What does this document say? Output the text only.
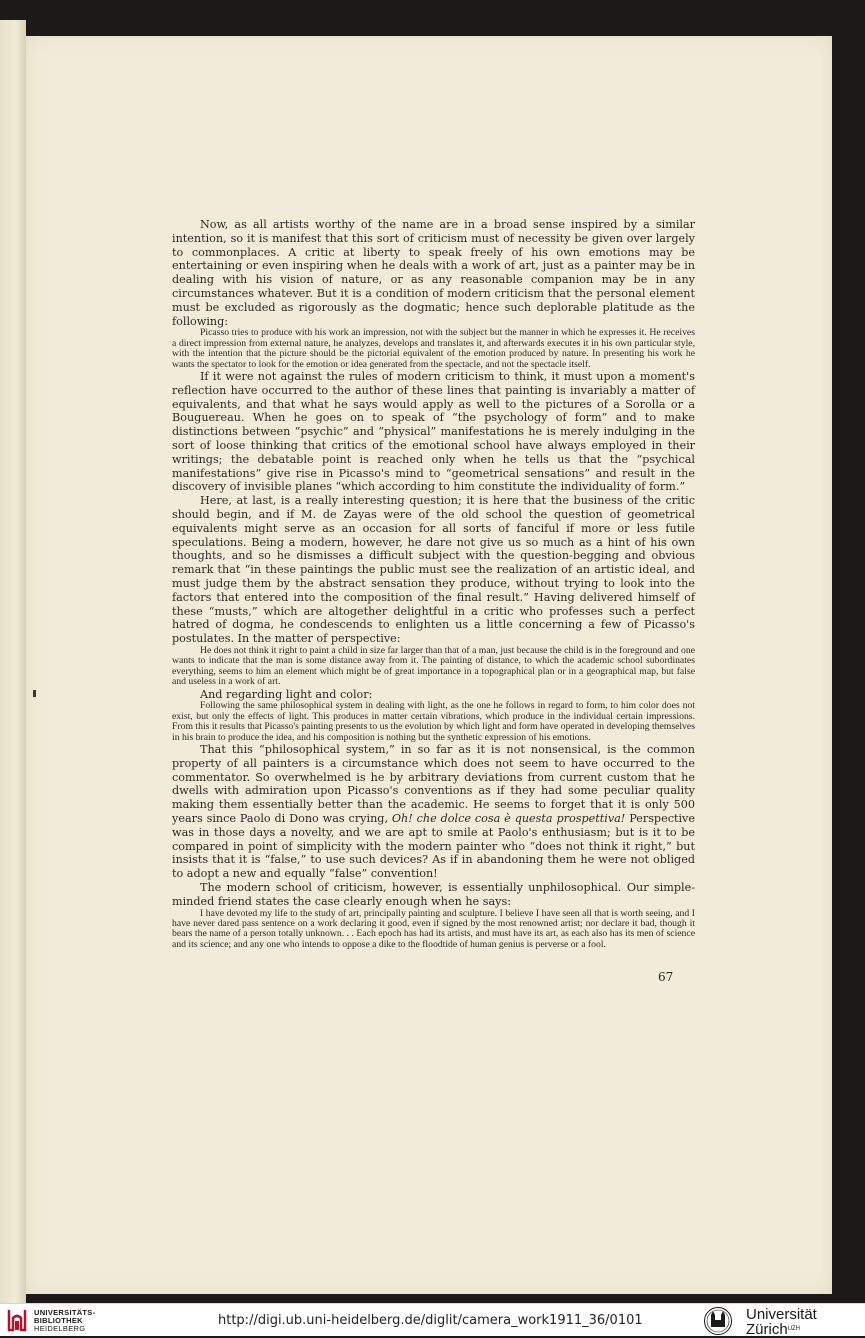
Now, as all artists worthy of the name are in a broad sense inspired by a similar intention, so it is manifest that this sort of criticism must of necessity be given over largely to commonplaces. A critic at liberty to speak freely of his own emotions may be entertaining or even inspiring when he deals with a work of art, just as a painter may be in dealing with his vision of nature, or as any reasonable companion may be in any circumstances whatever. But it is a condition of modern criticism that the personal element must be excluded as rigorously as the dogmatic; hence such deplorable platitude as the following:

Picasso tries to produce with his work an impression, not with the subject but the manner in which he expresses it. He receives a direct impression from external nature, he analyzes, develops and translates it, and afterwards executes it in his own particular style, with the intention that the picture should be the pictorial equivalent of the emotion produced by nature. In presenting his work he wants the spectator to look for the emotion or idea generated from the spectacle, and not the spectacle itself.

If it were not against the rules of modern criticism to think, it must upon a moment's reflection have occurred to the author of these lines that painting is invariably a matter of equivalents, and that what he says would apply as well to the pictures of a Sorolla or a Bouguereau. When he goes on to speak of “the psychology of form” and to make distinctions between “psychic” and “physical” manifestations he is merely indulging in the sort of loose thinking that critics of the emotional school have always employed in their writings; the debatable point is reached only when he tells us that the “psychical manifestations” give rise in Picasso's mind to “geometrical sensations” and result in the discovery of invisible planes “which according to him constitute the individuality of form.”

Here, at last, is a really interesting question; it is here that the business of the critic should begin, and if M. de Zayas were of the old school the question of geometrical equivalents might serve as an occasion for all sorts of fanciful if more or less futile speculations. Being a modern, however, he dare not give us so much as a hint of his own thoughts, and so he dismisses a difficult subject with the question-begging and obvious remark that “in these paintings the public must see the realization of an artistic ideal, and must judge them by the abstract sensation they produce, without trying to look into the factors that entered into the composition of the final result.” Having delivered himself of these “musts,” which are altogether delightful in a critic who professes such a perfect hatred of dogma, he condescends to enlighten us a little concerning a few of Picasso's postulates. In the matter of perspective:

He does not think it right to paint a child in size far larger than that of a man, just because the child is in the foreground and one wants to indicate that the man is some distance away from it. The painting of distance, to which the academic school subordinates everything, seems to him an element which might be of great importance in a topographical plan or in a geographical map, but false and useless in a work of art.

And regarding light and color:

Following the same philosophical system in dealing with light, as the one he follows in regard to form, to him color does not exist, but only the effects of light. This produces in matter certain vibrations, which produce in the individual certain impressions. From this it results that Picasso's painting presents to us the evolution by which light and form have operated in developing themselves in his brain to produce the idea, and his composition is nothing but the synthetic expression of his emotions.

That this “philosophical system,” in so far as it is not nonsensical, is the common property of all painters is a circumstance which does not seem to have occurred to the commentator. So overwhelmed is he by arbitrary deviations from current custom that he dwells with admiration upon Picasso's conventions as if they had some peculiar quality making them essentially better than the academic. He seems to forget that it is only 500 years since Paolo di Dono was crying, Oh! che dolce cosa è questa prospettiva! Perspective was in those days a novelty, and we are apt to smile at Paolo's enthusiasm; but is it to be compared in point of simplicity with the modern painter who “does not think it right,” but insists that it is “false,” to use such devices? As if in abandoning them he were not obliged to adopt a new and equally “false” convention!

The modern school of criticism, however, is essentially unphilosophical. Our simple-minded friend states the case clearly enough when he says:

I have devoted my life to the study of art, principally painting and sculpture. I believe I have seen all that is worth seeing, and I have never dared pass sentence on a work declaring it good, even if signed by the most renowned artist; nor declare it bad, though it bears the name of a person totally unknown. . . Each epoch has had its artists, and must have its art, as each also has its men of science and its science; and any one who intends to oppose a dike to the floodtide of human genius is perverse or a fool.

67
UNIVERSITÄTS-
BIBLIOTHEK
HEIDELBERG
http://digi.ub.uni-heidelberg.de/diglit/camera_work1911_36/0101	Universität
Zürich$^{UZH}$
